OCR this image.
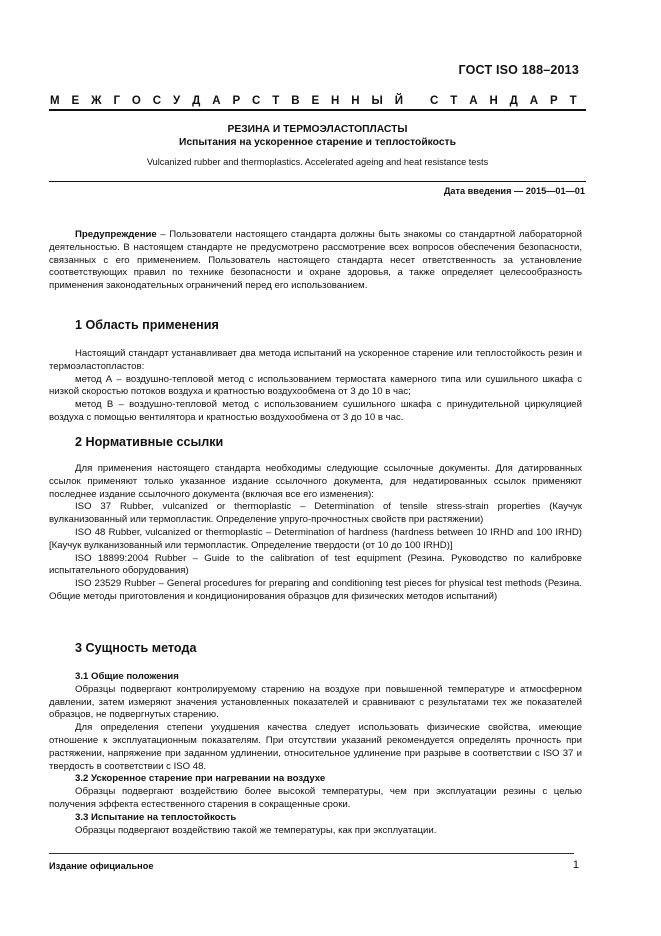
ГОСТ ISO 188–2013
М Е Ж Г О С У Д А Р С Т В Е Н Н Ы Й
С Т А Н Д А Р Т
РЕЗИНА И ТЕРМОЭЛАСТОПЛАСТЫ
Испытания на ускоренное старение и теплостойкость
Vulcanized rubber and thermoplastics. Accelerated ageing and heat resistance tests
Дата введения — 2015—01—01

Предупреждение – Пользователи настоящего стандарта должны быть знакомы со стандартной лабораторной деятельностью. В настоящем стандарте не предусмотрено рассмотрение всех вопросов обеспечения безопасности, связанных с его применением. Пользователь настоящего стандарта несет ответственность за установление соответствующих правил по технике безопасности и охране здоровья, а также определяет целесообразность применения законодательных ограничений перед его использованием.

1 Область применения

Настоящий стандарт устанавливает два метода испытаний на ускоренное старение или теплостойкость резин и термоэластопластов:

метод А – воздушно-тепловой метод с использованием термостата камерного типа или сушильного шкафа с низкой скоростью потоков воздуха и кратностью воздухообмена от 3 до 10 в час;

метод В – воздушно-тепловой метод с использованием сушильного шкафа с принудительной циркуляцией воздуха с помощью вентилятора и кратностью воздухообмена от 3 до 10 в час.

2 Нормативные ссылки

Для применения настоящего стандарта необходимы следующие ссылочные документы. Для датированных ссылок применяют только указанное издание ссылочного документа, для недатированных ссылок применяют последнее издание ссылочного документа (включая все его изменения):

ISO 37 Rubber, vulcanized or thermoplastic – Determination of tensile stress-strain properties (Каучук вулканизованный или термопластик. Определение упруго-прочностных свойств при растяжении)

ISO 48 Rubber, vulcanized or thermoplastic – Determination of hardness (hardness between 10 IRHD and 100 IRHD) [Каучук вулканизованный или термопластик. Определение твердости (от 10 до 100 IRHD)]

ISO 18899:2004 Rubber – Guide to the calibration of test equipment (Резина. Руководство по калибровке испытательного оборудования)

ISO 23529 Rubber – General procedures for preparing and conditioning test pieces for physical test methods (Резина. Общие методы приготовления и кондиционирования образцов для физических методов испытаний)

3 Сущность метода

3.1 Общие положения

Образцы подвергают контролируемому старению на воздухе при повышенной температуре и атмосферном давлении, затем измеряют значения установленных показателей и сравнивают с результатами тех же показателей образцов, не подвергнутых старению.

Для определения степени ухудшения качества следует использовать физические свойства, имеющие отношение к эксплуатационным показателям. При отсутствии указаний рекомендуется определять прочность при растяжении, напряжение при заданном удлинении, относительное удлинение при разрыве в соответствии с ISO 37 и твердость в соответствии с ISO 48.

3.2 Ускоренное старение при нагревании на воздухе

Образцы подвергают воздействию более высокой температуры, чем при эксплуатации резины с целью получения эффекта естественного старения в сокращенные сроки.

3.3 Испытание на теплостойкость

Образцы подвергают воздействию такой же температуры, как при эксплуатации.

Издание официальное	1
